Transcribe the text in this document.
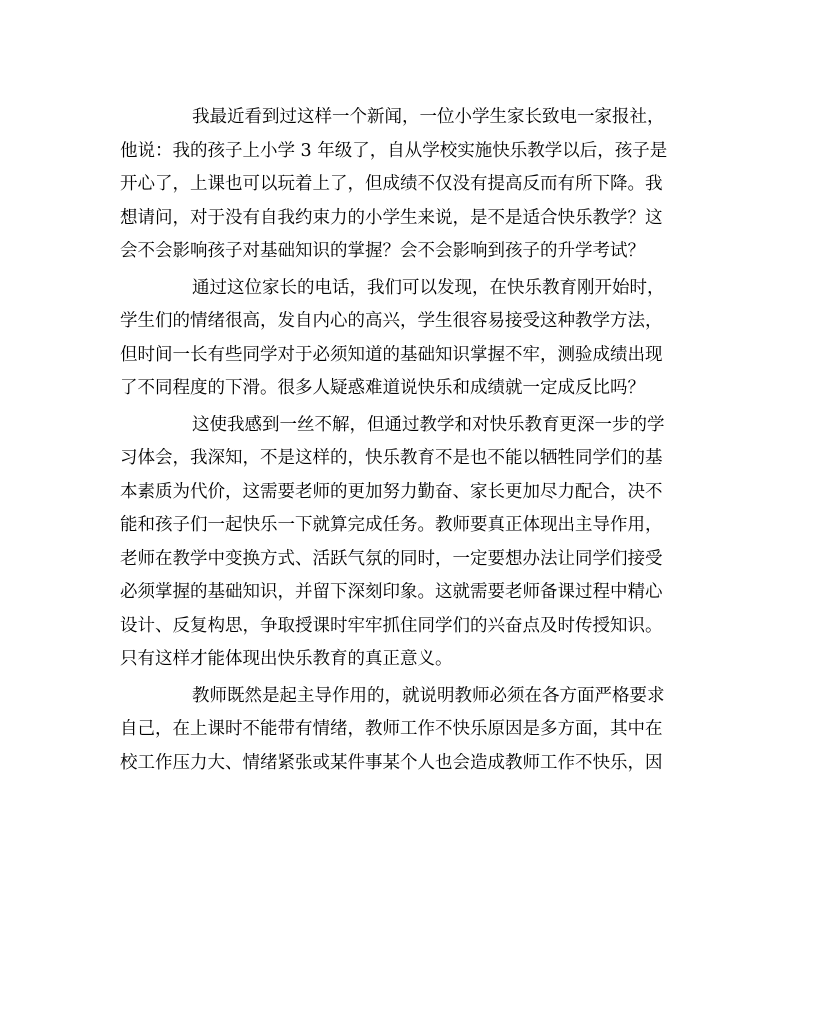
我最近看到过这样一个新闻，一位小学生家长致电一家报社，
他说：我的孩子上小学 3 年级了，自从学校实施快乐教学以后，孩子是
开心了，上课也可以玩着上了，但成绩不仅没有提高反而有所下降。我
想请问，对于没有自我约束力的小学生来说，是不是适合快乐教学？这
会不会影响孩子对基础知识的掌握？会不会影响到孩子的升学考试？

通过这位家长的电话，我们可以发现，在快乐教育刚开始时，
学生们的情绪很高，发自内心的高兴，学生很容易接受这种教学方法，
但时间一长有些同学对于必须知道的基础知识掌握不牢，测验成绩出现
了不同程度的下滑。很多人疑惑难道说快乐和成绩就一定成反比吗？

这使我感到一丝不解，但通过教学和对快乐教育更深一步的学
习体会，我深知，不是这样的，快乐教育不是也不能以牺牲同学们的基
本素质为代价，这需要老师的更加努力勤奋、家长更加尽力配合，决不
能和孩子们一起快乐一下就算完成任务。教师要真正体现出主导作用，
老师在教学中变换方式、活跃气氛的同时，一定要想办法让同学们接受
必须掌握的基础知识，并留下深刻印象。这就需要老师备课过程中精心
设计、反复构思，争取授课时牢牢抓住同学们的兴奋点及时传授知识。
只有这样才能体现出快乐教育的真正意义。

教师既然是起主导作用的，就说明教师必须在各方面严格要求
自己，在上课时不能带有情绪，教师工作不快乐原因是多方面，其中在
校工作压力大、情绪紧张或某件事某个人也会造成教师工作不快乐，因
